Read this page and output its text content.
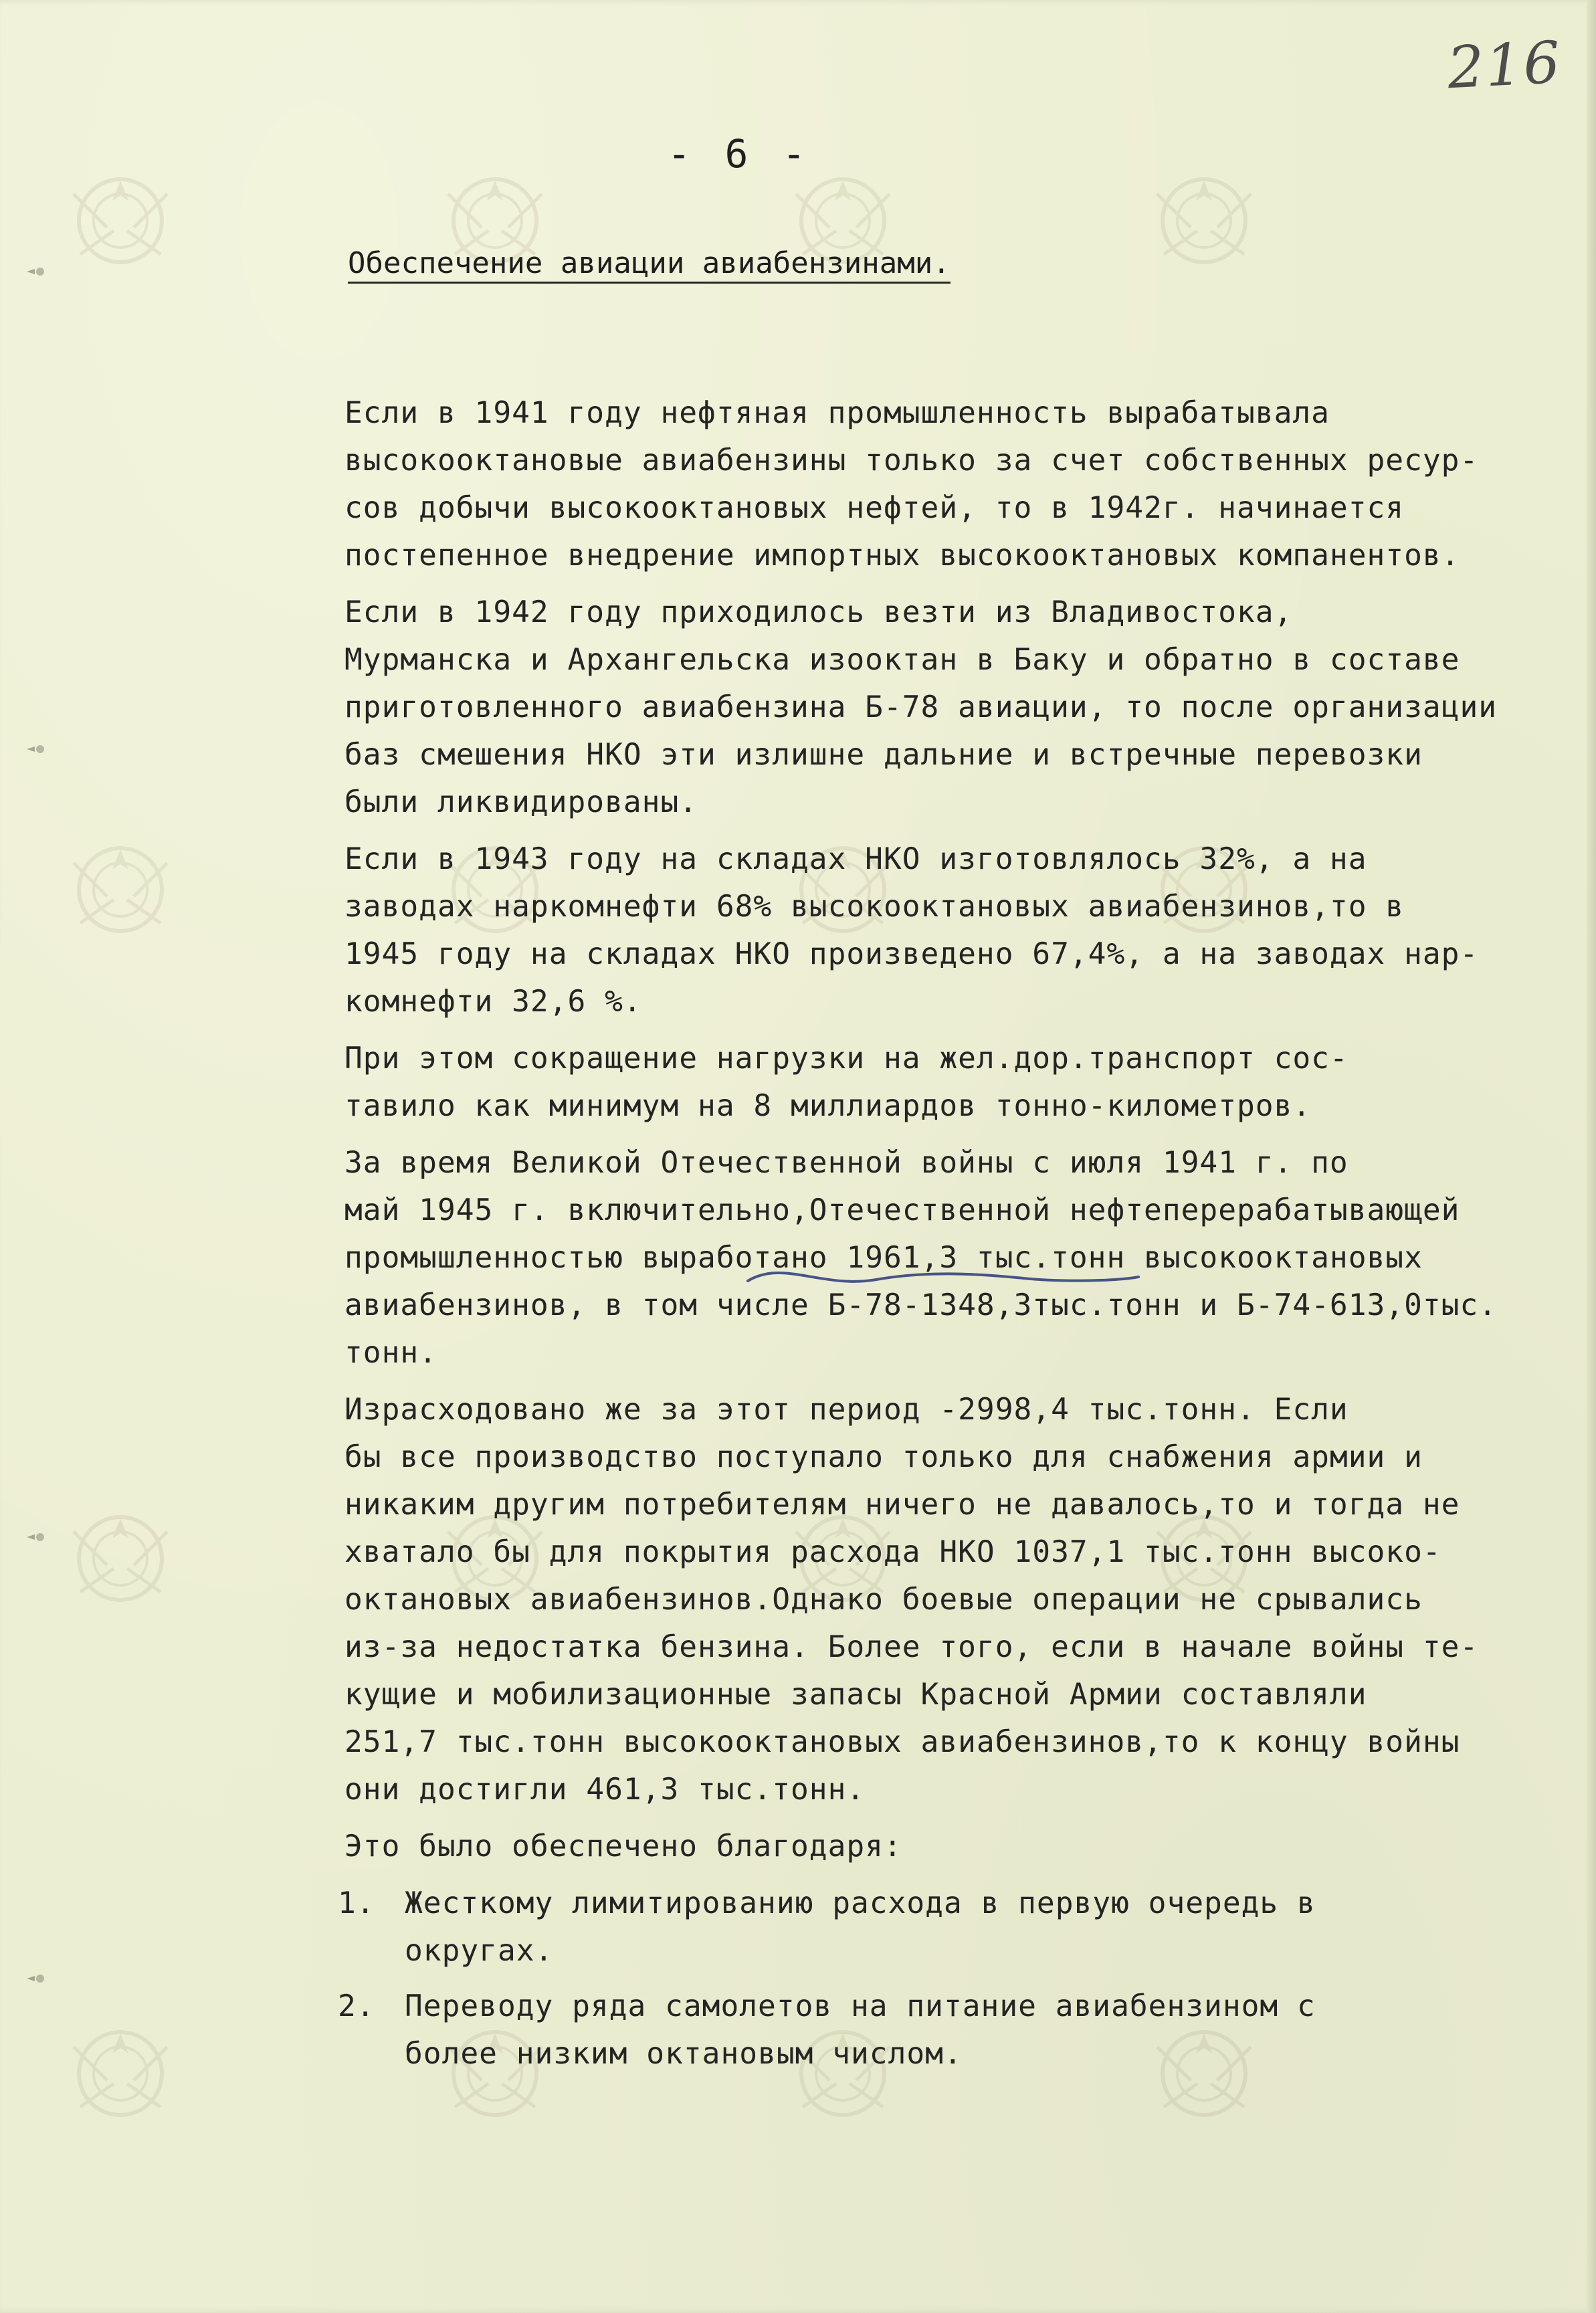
216
- 6 -
Обеспечение авиации авиабензинами.
Если в 1941 году нефтяная промышленность вырабатывала
высокооктановые авиабензины только за счет собственных ресур-
сов добычи высокооктановых нефтей, то в 1942г. начинается
постепенное внедрение импортных высокооктановых компанентов.
Если в 1942 году приходилось везти из Владивостока,
Мурманска и Архангельска изооктан в Баку и обратно в составе
приготовленного авиабензина Б-78 авиации, то после организации
баз смешения НКО эти излишне дальние и встречные перевозки
были ликвидированы.
Если в 1943 году на складах НКО изготовлялось 32%, а на
заводах наркомнефти 68% высокооктановых авиабензинов,то в
1945 году на складах НКО произведено 67,4%, а на заводах нар-
комнефти 32,6 %.
При этом сокращение нагрузки на жел.дор.транспорт сос-
тавило как минимум на 8 миллиардов тонно-километров.
За время Великой Отечественной войны с июля 1941 г. по
май 1945 г. включительно,Отечественной нефтеперерабатывающей
промышленностью выработано 1961,3 тыс.тонн высокооктановых
авиабензинов, в том числе Б-78-1348,3тыс.тонн и Б-74-613,0тыс.
тонн.
Израсходовано же за этот период -2998,4 тыс.тонн. Если
бы все производство поступало только для снабжения армии и
никаким другим потребителям ничего не давалось,то и тогда не
хватало бы для покрытия расхода НКО 1037,1 тыс.тонн высоко-
октановых авиабензинов.Однако боевые операции не срывались
из-за недостатка бензина. Более того, если в начале войны те-
кущие и мобилизационные запасы Красной Армии составляли
251,7 тыс.тонн высокооктановых авиабензинов,то к концу войны
они достигли 461,3 тыс.тонн.
Это было обеспечено благодаря:
1. Жесткому лимитированию расхода в первую очередь в
округах.
2. Переводу ряда самолетов на питание авиабензином с
более низким октановым числом.
